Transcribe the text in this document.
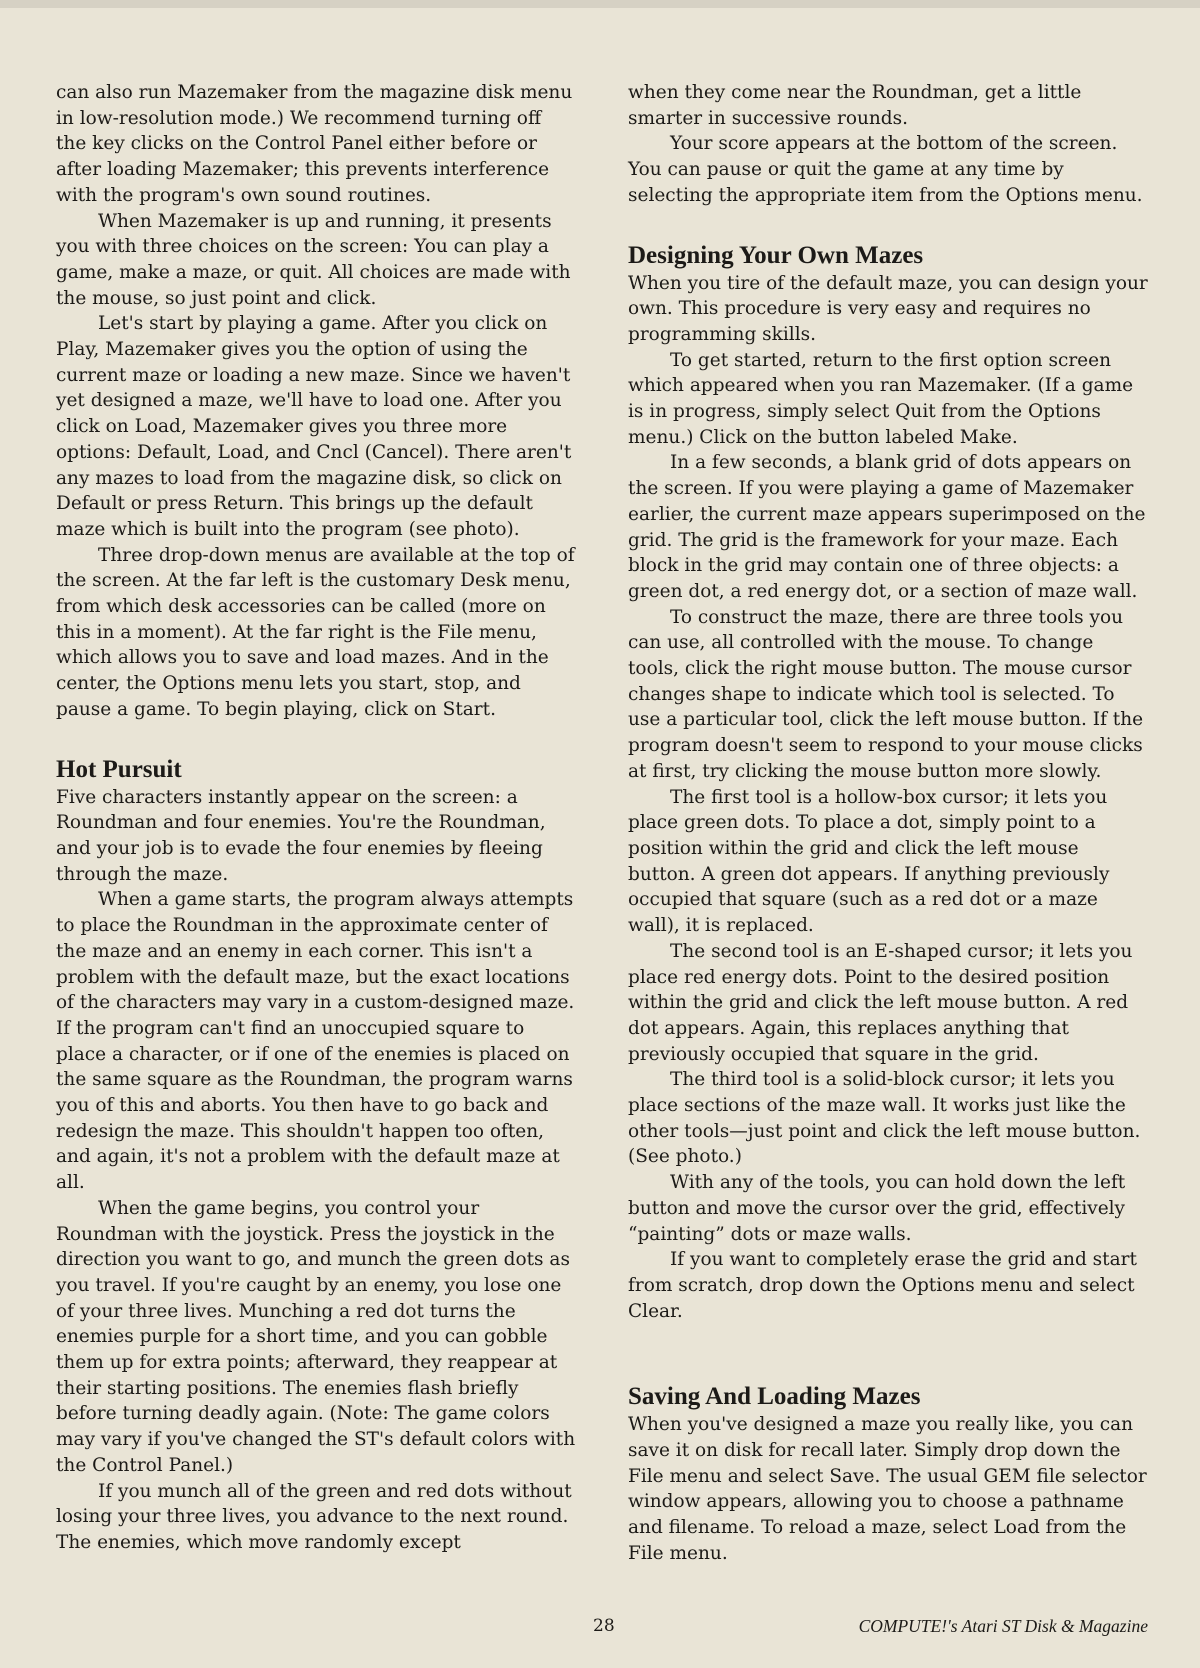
can also run Mazemaker from the magazine disk menu in low-resolution mode.) We recommend turning off the key clicks on the Control Panel either before or after loading Mazemaker; this prevents interference with the program's own sound routines.

When Mazemaker is up and running, it presents you with three choices on the screen: You can play a game, make a maze, or quit. All choices are made with the mouse, so just point and click.

Let's start by playing a game. After you click on Play, Mazemaker gives you the option of using the current maze or loading a new maze. Since we haven't yet designed a maze, we'll have to load one. After you click on Load, Mazemaker gives you three more options: Default, Load, and Cncl (Cancel). There aren't any mazes to load from the magazine disk, so click on Default or press Return. This brings up the default maze which is built into the program (see photo).

Three drop-down menus are available at the top of the screen. At the far left is the customary Desk menu, from which desk accessories can be called (more on this in a moment). At the far right is the File menu, which allows you to save and load mazes. And in the center, the Options menu lets you start, stop, and pause a game. To begin playing, click on Start.

Hot Pursuit

Five characters instantly appear on the screen: a Roundman and four enemies. You're the Roundman, and your job is to evade the four enemies by fleeing through the maze.

When a game starts, the program always attempts to place the Roundman in the approximate center of the maze and an enemy in each corner. This isn't a problem with the default maze, but the exact locations of the characters may vary in a custom-designed maze. If the program can't find an unoccupied square to place a character, or if one of the enemies is placed on the same square as the Roundman, the program warns you of this and aborts. You then have to go back and redesign the maze. This shouldn't happen too often, and again, it's not a problem with the default maze at all.

When the game begins, you control your Roundman with the joystick. Press the joystick in the direction you want to go, and munch the green dots as you travel. If you're caught by an enemy, you lose one of your three lives. Munching a red dot turns the enemies purple for a short time, and you can gobble them up for extra points; afterward, they reappear at their starting positions. The enemies flash briefly before turning deadly again. (Note: The game colors may vary if you've changed the ST's default colors with the Control Panel.)

If you munch all of the green and red dots without losing your three lives, you advance to the next round. The enemies, which move randomly except

when they come near the Roundman, get a little smarter in successive rounds.

Your score appears at the bottom of the screen. You can pause or quit the game at any time by selecting the appropriate item from the Options menu.

Designing Your Own Mazes

When you tire of the default maze, you can design your own. This procedure is very easy and requires no programming skills.

To get started, return to the first option screen which appeared when you ran Mazemaker. (If a game is in progress, simply select Quit from the Options menu.) Click on the button labeled Make.

In a few seconds, a blank grid of dots appears on the screen. If you were playing a game of Mazemaker earlier, the current maze appears superimposed on the grid. The grid is the framework for your maze. Each block in the grid may contain one of three objects: a green dot, a red energy dot, or a section of maze wall.

To construct the maze, there are three tools you can use, all controlled with the mouse. To change tools, click the right mouse button. The mouse cursor changes shape to indicate which tool is selected. To use a particular tool, click the left mouse button. If the program doesn't seem to respond to your mouse clicks at first, try clicking the mouse button more slowly.

The first tool is a hollow-box cursor; it lets you place green dots. To place a dot, simply point to a position within the grid and click the left mouse button. A green dot appears. If anything previously occupied that square (such as a red dot or a maze wall), it is replaced.

The second tool is an E-shaped cursor; it lets you place red energy dots. Point to the desired position within the grid and click the left mouse button. A red dot appears. Again, this replaces anything that previously occupied that square in the grid.

The third tool is a solid-block cursor; it lets you place sections of the maze wall. It works just like the other tools—just point and click the left mouse button. (See photo.)

With any of the tools, you can hold down the left button and move the cursor over the grid, effectively “painting” dots or maze walls.

If you want to completely erase the grid and start from scratch, drop down the Options menu and select Clear.

Saving And Loading Mazes

When you've designed a maze you really like, you can save it on disk for recall later. Simply drop down the File menu and select Save. The usual GEM file selector window appears, allowing you to choose a pathname and filename. To reload a maze, select Load from the File menu.

28	COMPUTE!'s Atari ST Disk & Magazine
